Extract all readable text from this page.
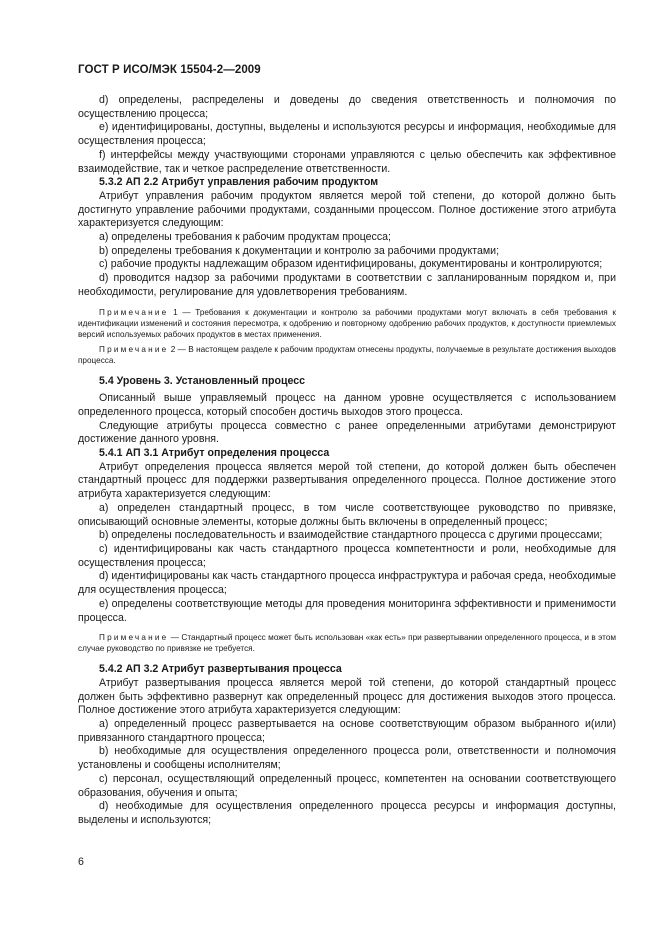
ГОСТ Р ИСО/МЭК 15504-2—2009

d) определены, распределены и доведены до сведения ответственность и полномочия по осуществлению процесса;

e) идентифицированы, доступны, выделены и используются ресурсы и информация, необходимые для осуществления процесса;

f) интерфейсы между участвующими сторонами управляются с целью обеспечить как эффективное взаимодействие, так и четкое распределение ответственности.

5.3.2 АП 2.2 Атрибут управления рабочим продуктом

Атрибут управления рабочим продуктом является мерой той степени, до которой должно быть достигнуто управление рабочими продуктами, созданными процессом. Полное достижение этого атрибута характеризуется следующим:

a) определены требования к рабочим продуктам процесса;

b) определены требования к документации и контролю за рабочими продуктами;

c) рабочие продукты надлежащим образом идентифицированы, документированы и контролируются;

d) проводится надзор за рабочими продуктами в соответствии с запланированным порядком и, при необходимости, регулирование для удовлетворения требованиям.

Примечание 1 — Требования к документации и контролю за рабочими продуктами могут включать в себя требования к идентификации изменений и состояния пересмотра, к одобрению и повторному одобрению рабочих продуктов, к доступности приемлемых версий используемых рабочих продуктов в местах применения.

Примечание 2 — В настоящем разделе к рабочим продуктам отнесены продукты, получаемые в результате достижения выходов процесса.

5.4 Уровень 3. Установленный процесс

Описанный выше управляемый процесс на данном уровне осуществляется с использованием определенного процесса, который способен достичь выходов этого процесса.

Следующие атрибуты процесса совместно с ранее определенными атрибутами демонстрируют достижение данного уровня.

5.4.1 АП 3.1 Атрибут определения процесса

Атрибут определения процесса является мерой той степени, до которой должен быть обеспечен стандартный процесс для поддержки развертывания определенного процесса. Полное достижение этого атрибута характеризуется следующим:

a) определен стандартный процесс, в том числе соответствующее руководство по привязке, описывающий основные элементы, которые должны быть включены в определенный процесс;

b) определены последовательность и взаимодействие стандартного процесса с другими процессами;

c) идентифицированы как часть стандартного процесса компетентности и роли, необходимые для осуществления процесса;

d) идентифицированы как часть стандартного процесса инфраструктура и рабочая среда, необходимые для осуществления процесса;

e) определены соответствующие методы для проведения мониторинга эффективности и применимости процесса.

Примечание — Стандартный процесс может быть использован «как есть» при развертывании определенного процесса, и в этом случае руководство по привязке не требуется.

5.4.2 АП 3.2 Атрибут развертывания процесса

Атрибут развертывания процесса является мерой той степени, до которой стандартный процесс должен быть эффективно развернут как определенный процесс для достижения выходов этого процесса. Полное достижение этого атрибута характеризуется следующим:

a) определенный процесс развертывается на основе соответствующим образом выбранного и(или) привязанного стандартного процесса;

b) необходимые для осуществления определенного процесса роли, ответственности и полномочия установлены и сообщены исполнителям;

c) персонал, осуществляющий определенный процесс, компетентен на основании соответствующего образования, обучения и опыта;

d) необходимые для осуществления определенного процесса ресурсы и информация доступны, выделены и используются;

6
